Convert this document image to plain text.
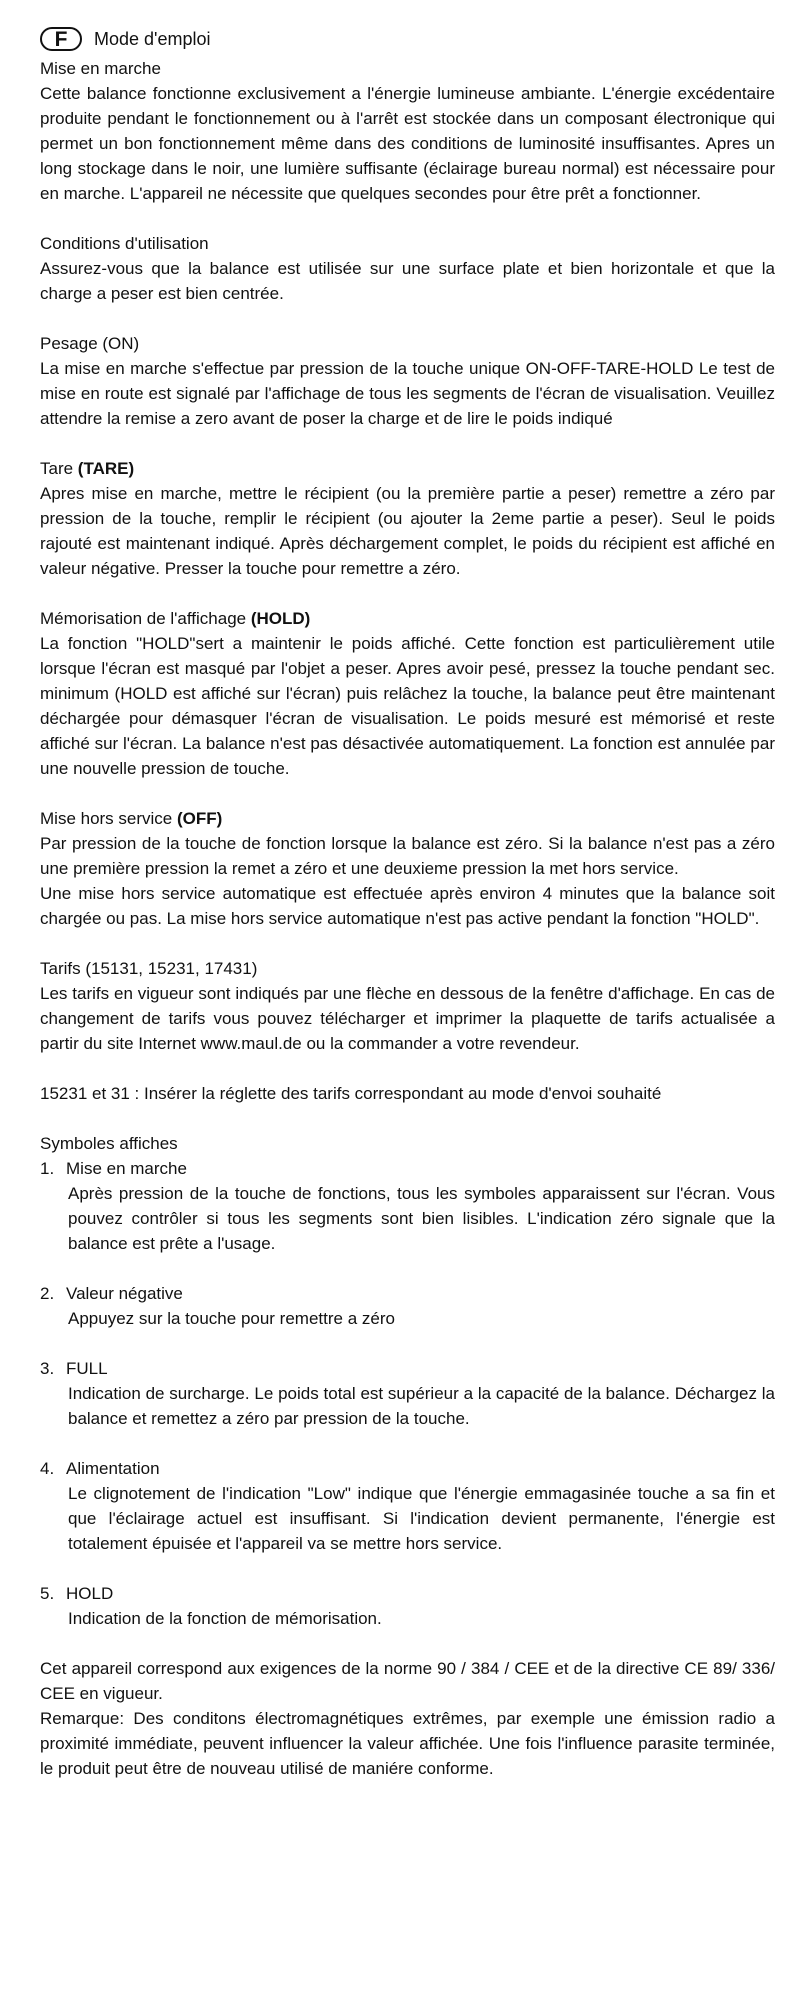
F	Mode d'emploi
Mise en marche

Cette balance fonctionne exclusivement a l'énergie lumineuse ambiante. L'énergie excédentaire produite pendant le fonctionnement ou à l'arrêt est stockée dans un composant électronique qui permet un bon fonctionnement même dans des conditions de luminosité insuffisantes. Apres un long stockage dans le noir, une lumière suffisante (éclairage bureau normal) est nécessaire pour en marche. L'appareil ne nécessite que quelques secondes pour être prêt a fonctionner.

Conditions d'utilisation

Assurez-vous que la balance est utilisée sur une surface plate et bien horizontale et que la charge a peser est bien centrée.

Pesage (ON)

La mise en marche s'effectue par pression de la touche unique ON-OFF-TARE-HOLD Le test de mise en route est signalé par l'affichage de tous les segments de l'écran de visualisation. Veuillez attendre la remise a zero avant de poser la charge et de lire le poids indiqué

Tare (TARE)

Apres mise en marche, mettre le récipient (ou la première partie a peser) remettre a zéro par pression de la touche, remplir le récipient (ou ajouter la 2eme partie a peser). Seul le poids rajouté est maintenant indiqué. Après déchargement complet, le poids du récipient est affiché en valeur négative. Presser la touche pour remettre a zéro.

Mémorisation de l'affichage (HOLD)

La fonction "HOLD"sert a maintenir le poids affiché. Cette fonction est particulièrement utile lorsque l'écran est masqué par l'objet a peser. Apres avoir pesé, pressez la touche pendant sec. minimum (HOLD est affiché sur l'écran) puis relâchez la touche, la balance peut être maintenant déchargée pour démasquer l'écran de visualisation. Le poids mesuré est mémorisé et reste affiché sur l'écran. La balance n'est pas désactivée automatiquement. La fonction est annulée par une nouvelle pression de touche.

Mise hors service (OFF)

Par pression de la touche de fonction lorsque la balance est zéro. Si la balance n'est pas a zéro une première pression la remet a zéro et une deuxieme pression la met hors service.

Une mise hors service automatique est effectuée après environ 4 minutes que la balance soit chargée ou pas. La mise hors service automatique n'est pas active pendant la fonction "HOLD".

Tarifs (15131, 15231, 17431)

Les tarifs en vigueur sont indiqués par une flèche en dessous de la fenêtre d'affichage. En cas de changement de tarifs vous pouvez télécharger et imprimer la plaquette de tarifs actualisée a partir du site Internet www.maul.de ou la commander a votre revendeur.

15231 et 31 : Insérer la réglette des tarifs correspondant au mode d'envoi souhaité

Symboles affiches
1. Mise en marche
Après pression de la touche de fonctions, tous les symboles apparaissent sur l'écran. Vous pouvez contrôler si tous les segments sont bien lisibles. L'indication zéro signale que la balance est prête a l'usage.
2. Valeur négative
Appuyez sur la touche pour remettre a zéro
3. FULL
Indication de surcharge. Le poids total est supérieur a la capacité de la balance. Déchargez la balance et remettez a zéro par pression de la touche.
4. Alimentation
Le clignotement de l'indication "Low" indique que l'énergie emmagasinée touche a sa fin et que l'éclairage actuel est insuffisant. Si l'indication devient permanente, l'énergie est totalement épuisée et l'appareil va se mettre hors service.
5. HOLD
Indication de la fonction de mémorisation.

Cet appareil correspond aux exigences de la norme 90 / 384 / CEE et de la directive CE 89/ 336/ CEE en vigueur.

Remarque: Des conditons électromagnétiques extrêmes, par exemple une émission radio a proximité immédiate, peuvent influencer la valeur affichée. Une fois l'influence parasite terminée, le produit peut être de nouveau utilisé de maniére conforme.
